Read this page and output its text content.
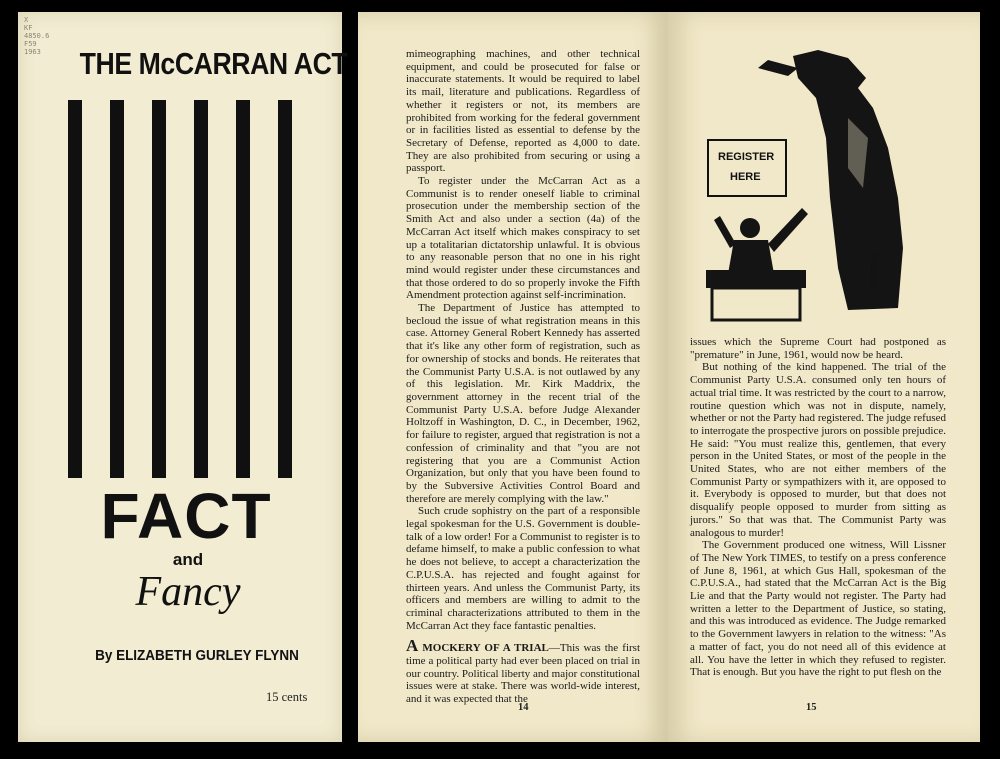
X
KF
4850.6
F59
1963 THE McCARRAN ACT
FACT
and
Fancy
By ELIZABETH GURLEY FLYNN
15 cents

mimeographing machines, and other technical equipment, and could be prosecuted for false or inaccurate statements. It would be required to label its mail, literature and publications. Regardless of whether it registers or not, its members are prohibited from working for the federal government or in facilities listed as essential to defense by the Secretary of Defense, reported as 4,000 to date. They are also prohibited from securing or using a passport.

To register under the McCarran Act as a Communist is to render oneself liable to criminal prosecution under the membership section of the Smith Act and also under a section (4a) of the McCarran Act itself which makes conspiracy to set up a totalitarian dictatorship unlawful. It is obvious to any reasonable person that no one in his right mind would register under these circumstances and that those ordered to do so properly invoke the Fifth Amendment protection against self-incrimination.

The Department of Justice has attempted to becloud the issue of what registration means in this case. Attorney General Robert Kennedy has asserted that it's like any other form of registration, such as for ownership of stocks and bonds. He reiterates that the Communist Party U.S.A. is not outlawed by any of this legislation. Mr. Kirk Maddrix, the government attorney in the recent trial of the Communist Party U.S.A. before Judge Alexander Holtzoff in Washington, D. C., in December, 1962, for failure to register, argued that registration is not a confession of criminality and that "you are not registering that you are a Communist Action Organization, but only that you have been found to by the Subversive Activities Control Board and therefore are merely complying with the law."

Such crude sophistry on the part of a responsible legal spokesman for the U.S. Government is double-talk of a low order! For a Communist to register is to defame himself, to make a public confession to what he does not believe, to accept a characterization the C.P.U.S.A. has rejected and fought against for thirteen years. And unless the Communist Party, its officers and members are willing to admit to the criminal characterizations attributed to them in the McCarran Act they face fantastic penalties.

A MOCKERY OF A TRIAL—This was the first time a political party had ever been placed on trial in our country. Political liberty and major constitutional issues were at stake. There was world-wide interest, and it was expected that the

14
REGISTER
HERE
PARTISAN

issues which the Supreme Court had postponed as "premature" in June, 1961, would now be heard.

But nothing of the kind happened. The trial of the Communist Party U.S.A. consumed only ten hours of actual trial time. It was restricted by the court to a narrow, routine question which was not in dispute, namely, whether or not the Party had registered. The judge refused to interrogate the prospective jurors on possible prejudice. He said: "You must realize this, gentlemen, that every person in the United States, or most of the people in the United States, who are not either members of the Communist Party or sympathizers with it, are opposed to it. Everybody is opposed to murder, but that does not disqualify people opposed to murder from sitting as jurors." So that was that. The Communist Party was analogous to murder!

The Government produced one witness, Will Lissner of The New York TIMES, to testify on a press conference of June 8, 1961, at which Gus Hall, spokesman of the C.P.U.S.A., had stated that the McCarran Act is the Big Lie and that the Party would not register. The Party had written a letter to the Department of Justice, so stating, and this was introduced as evidence. The Judge remarked to the Government lawyers in relation to the witness: "As a matter of fact, you do not need all of this evidence at all. You have the letter in which they refused to register. That is enough. But you have the right to put flesh on the

15
